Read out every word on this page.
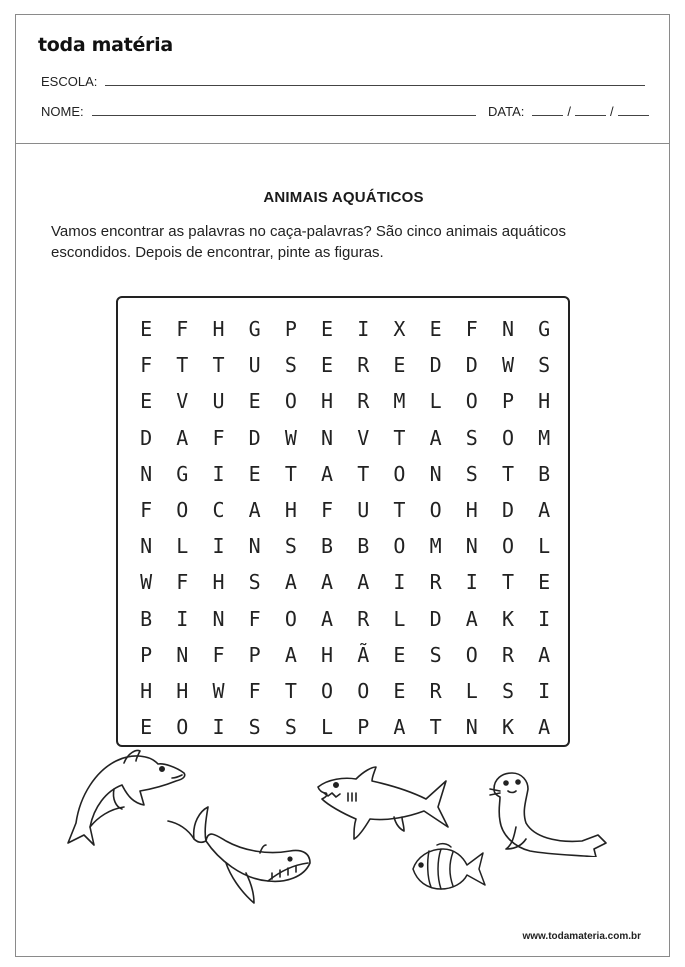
toda matéria
ESCOLA:
NOME:	DATA:	/	/
ANIMAIS AQUÁTICOS
Vamos encontrar as palavras no caça-palavras? São cinco animais aquáticos escondidos. Depois de encontrar, pinte as figuras.
E	F	H	G	P	E	I	X	E	F	N	G
F	T	T	U	S	E	R	E	D	D	W	S
E	V	U	E	O	H	R	M	L	O	P	H
D	A	F	D	W	N	V	T	A	S	O	M
N	G	I	E	T	A	T	O	N	S	T	B
F	O	C	A	H	F	U	T	O	H	D	A
N	L	I	N	S	B	B	O	M	N	O	L
W	F	H	S	A	A	A	I	R	I	T	E
B	I	N	F	O	A	R	L	D	A	K	I
P	N	F	P	A	H	Ã	E	S	O	R	A
H	H	W	F	T	O	O	E	R	L	S	I
E	O	I	S	S	L	P	A	T	N	K	A
www.todamateria.com.br
